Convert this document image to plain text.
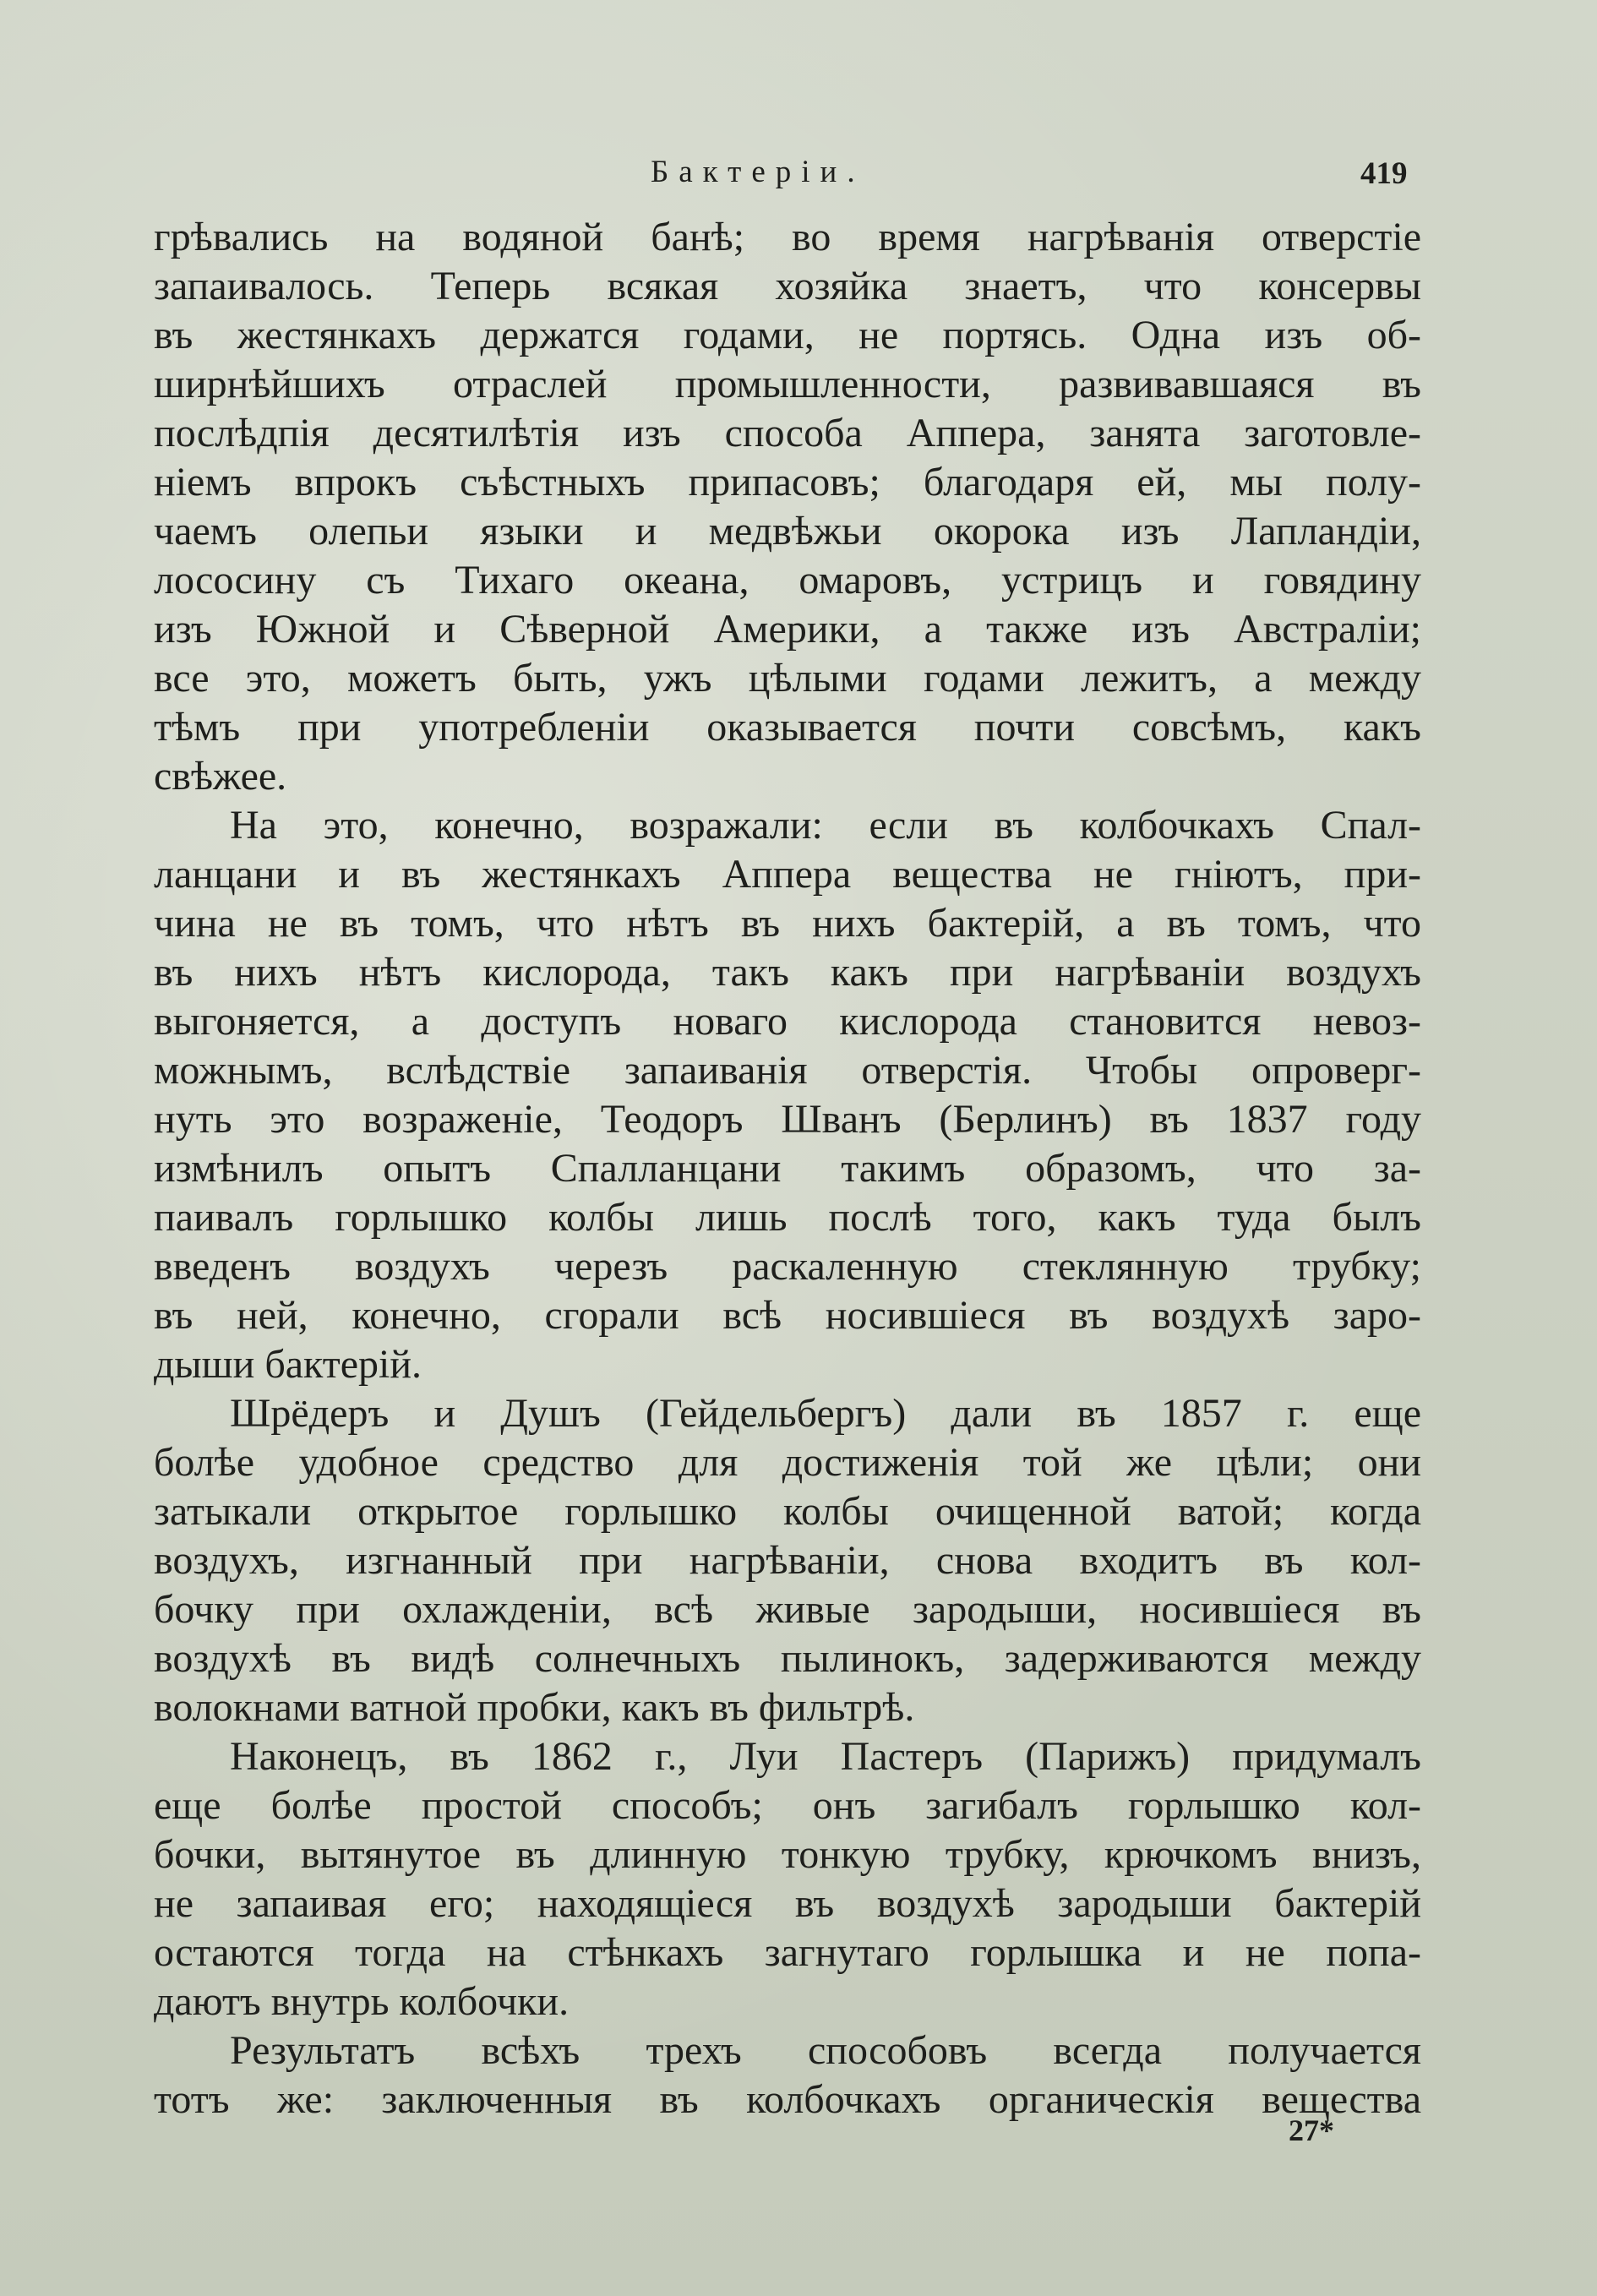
Бактеріи.	419
грѣвались на водяной банѣ; во время нагрѣванія отверстіе
запаивалось. Теперь всякая хозяйка знаетъ, что консервы
въ жестянкахъ держатся годами, не портясь. Одна изъ об-
ширнѣйшихъ отраслей промышленности, развивавшаяся въ
послѣдпія десятилѣтія изъ способа Аппера, занята заготовле-
ніемъ впрокъ съѣстныхъ припасовъ; благодаря ей, мы полу-
чаемъ олепьи языки и медвѣжьи окорока изъ Лапландіи,
лососину съ Тихаго океана, омаровъ, устрицъ и говядину
изъ Южной и Сѣверной Америки, а также изъ Австраліи;
все это, можетъ быть, ужъ цѣлыми годами лежитъ, а между
тѣмъ при употребленіи оказывается почти совсѣмъ, какъ
свѣжее.
На это, конечно, возражали: если въ колбочкахъ Спал-
ланцани и въ жестянкахъ Аппера вещества не гніютъ, при-
чина не въ томъ, что нѣтъ въ нихъ бактерій, а въ томъ, что
въ нихъ нѣтъ кислорода, такъ какъ при нагрѣваніи воздухъ
выгоняется, а доступъ новаго кислорода становится невоз-
можнымъ, вслѣдствіе запаиванія отверстія. Чтобы опроверг-
нуть это возраженіе, Теодоръ Шванъ (Берлинъ) въ 1837 году
измѣнилъ опытъ Спалланцани такимъ образомъ, что за-
паивалъ горлышко колбы лишь послѣ того, какъ туда былъ
введенъ воздухъ черезъ раскаленную стеклянную трубку;
въ ней, конечно, сгорали всѣ носившіеся въ воздухѣ заро-
дыши бактерій.
Шрёдеръ и Душъ (Гейдельбергъ) дали въ 1857 г. еще
болѣе удобное средство для достиженія той же цѣли; они
затыкали открытое горлышко колбы очищенной ватой; когда
воздухъ, изгнанный при нагрѣваніи, снова входитъ въ кол-
бочку при охлажденіи, всѣ живые зародыши, носившіеся въ
воздухѣ въ видѣ солнечныхъ пылинокъ, задерживаются между
волокнами ватной пробки, какъ въ фильтрѣ.
Наконецъ, въ 1862 г., Луи Пастеръ (Парижъ) придумалъ
еще болѣе простой способъ; онъ загибалъ горлышко кол-
бочки, вытянутое въ длинную тонкую трубку, крючкомъ внизъ,
не запаивая его; находящіеся въ воздухѣ зародыши бактерій
остаются тогда на стѣнкахъ загнутаго горлышка и не попа-
даютъ внутрь колбочки.
Результатъ всѣхъ трехъ способовъ всегда получается
тотъ же: заключенныя въ колбочкахъ органическія вещества
27*
